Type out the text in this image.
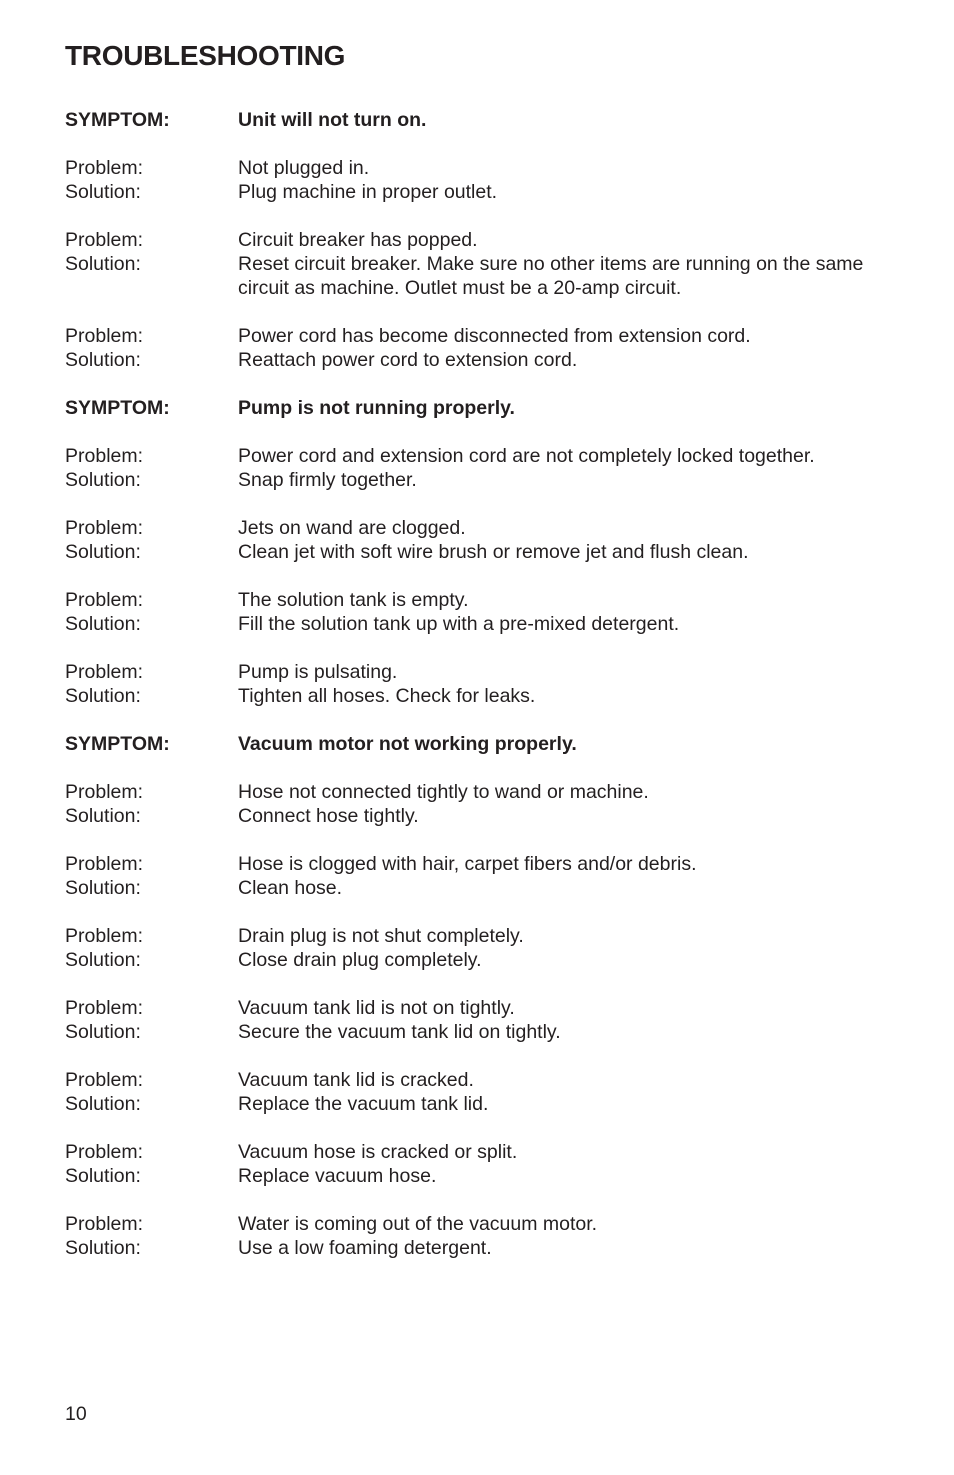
TROUBLESHOOTING
SYMPTOM:	Unit will not turn on.
Problem:	Not plugged in.
Solution:	Plug machine in proper outlet.
Problem:	Circuit breaker has popped.
Solution:	Reset circuit breaker. Make sure no other items are running on the same circuit as machine. Outlet must be a 20-amp circuit.
Problem:	Power cord has become disconnected from extension cord.
Solution:	Reattach power cord to extension cord.
SYMPTOM:	Pump is not running properly.
Problem:	Power cord and extension cord are not completely locked together.
Solution:	Snap firmly together.
Problem:	Jets on wand are clogged.
Solution:	Clean jet with soft wire brush or remove jet and flush clean.
Problem:	The solution tank is empty.
Solution:	Fill the solution tank up with a pre-mixed detergent.
Problem:	Pump is pulsating.
Solution:	Tighten all hoses. Check for leaks.
SYMPTOM:	Vacuum motor not working properly.
Problem:	Hose not connected tightly to wand or machine.
Solution:	Connect hose tightly.
Problem:	Hose is clogged with hair, carpet fibers and/or debris.
Solution:	Clean hose.
Problem:	Drain plug is not shut completely.
Solution:	Close drain plug completely.
Problem:	Vacuum tank lid is not on tightly.
Solution:	Secure the vacuum tank lid on tightly.
Problem:	Vacuum tank lid is cracked.
Solution:	Replace the vacuum tank lid.
Problem:	Vacuum hose is cracked or split.
Solution:	Replace vacuum hose.
Problem:	Water is coming out of the vacuum motor.
Solution:	Use a low foaming detergent.
10
